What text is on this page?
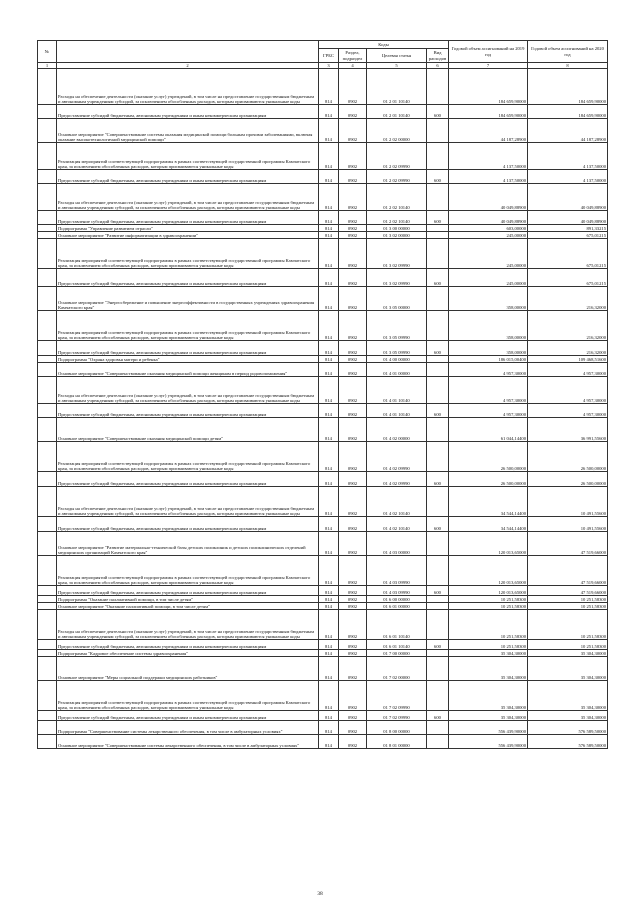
№		Коды				Годовой объем ассигнований на 2019 год	Годовой объем ассигнований на 2020 год
		ГРБС	Раздел, подраздел	Целевая статья	Вид расходов		
1	2	3	4	5	6	7	8
	Расходы на обеспечение деятельности (оказание услуг) учреждений, в том числе на предоставление государственным бюджетным и автономным учреждениям субсидий, за исключением обособленных расходов, которым присваиваются уникальные коды	814	0902	01 2 01 10140		184 659,90000	184 659,90000
	Предоставление субсидий бюджетным, автономным учреждениям и иным некоммерческим организациям	814	0902	01 2 01 10140	600	184 659,90000	184 659,90000
	Основное мероприятие "Совершенствование системы оказания медицинской помощи больным прочими заболеваниями, включая оказание высокотехнологичной медицинской помощи"	814	0902	01 2 02 00000		44 187,28900	44 187,28900
	Реализация мероприятий соответствующей подпрограммы в рамках соответствующей государственной программы Камчатского края, за исключением обособленных расходов, которым присваиваются уникальные коды	814	0902	01 2 02 09990		4 137,50000	4 137,50000
	Предоставление субсидий бюджетным, автономным учреждениям и иным некоммерческим организациям	814	0902	01 2 02 09990	600	4 137,50000	4 137,50000
	Расходы на обеспечение деятельности (оказание услуг) учреждений, в том числе на предоставление государственным бюджетным и автономным учреждениям субсидий, за исключением обособленных расходов, которым присваиваются уникальные коды	814	0902	01 2 02 10140		40 049,88900	40 049,88900
	Предоставление субсидий бюджетным, автономным учреждениям и иным некоммерческим организациям	814	0902	01 2 02 10140	600	40 049,88900	40 049,88900
	Подпрограмма "Управление развитием отрасли"	814	0902	01 3 00 00000		603,00000	891,33215
	Основное мероприятие "Развитие информатизации в здравоохранении"	814	0902	01 3 02 00000		245,00000	675,01215
	Реализация мероприятий соответствующей подпрограммы в рамках соответствующей государственной программы Камчатского края, за исключением обособленных расходов, которым присваиваются уникальные коды	814	0902	01 3 02 09990		245,00000	675,01215
	Предоставление субсидий бюджетным, автономным учреждениям и иным некоммерческим организациям	814	0902	01 3 02 09990	600	245,00000	675,01215
	Основное мероприятие "Энергосбережение и повышение энергоэффективности в государственных учреждениях здравоохранения Камчатского края"	814	0902	01 3 05 00000		358,00000	216,32000
	Реализация мероприятий соответствующей подпрограммы в рамках соответствующей государственной программы Камчатского края, за исключением обособленных расходов, которым присваиваются уникальные коды	814	0902	01 3 05 09990		358,00000	216,32000
	Предоставление субсидий бюджетным, автономным учреждениям и иным некоммерческим организациям	814	0902	01 3 05 09990	600	358,00000	216,32000
	Подпрограмма "Охрана здоровья матери и ребенка"	814	0902	01 4 00 00000		186 015,00400	109 468,51600
	Основное мероприятие "Совершенствование оказания медицинской помощи женщинам в период родовспоможения"	814	0902	01 4 01 00000		4 957,30000	4 957,30000
	Расходы на обеспечение деятельности (оказание услуг) учреждений, в том числе на предоставление государственным бюджетным и автономным учреждениям субсидий, за исключением обособленных расходов, которым присваиваются уникальные коды	814	0902	01 4 01 10140		4 957,30000	4 957,30000
	Предоставление субсидий бюджетным, автономным учреждениям и иным некоммерческим организациям	814	0902	01 4 01 10140	600	4 957,30000	4 957,30000
	Основное мероприятие "Совершенствование оказания медицинской помощи детям"	814	0902	01 4 02 00000		61 044,14400	36 991,55600
	Реализация мероприятий соответствующей подпрограммы в рамках соответствующей государственной программы Камчатского края, за исключением обособленных расходов, которым присваиваются уникальные коды	814	0902	01 4 02 09990		26 500,00000	26 500,00000
	Предоставление субсидий бюджетным, автономным учреждениям и иным некоммерческим организациям	814	0902	01 4 02 09990	600	26 500,00000	26 500,00000
	Расходы на обеспечение деятельности (оказание услуг) учреждений, в том числе на предоставление государственным бюджетным и автономным учреждениям субсидий, за исключением обособленных расходов, которым присваиваются уникальные коды	814	0902	01 4 02 10140		34 544,14400	10 491,55600
	Предоставление субсидий бюджетным, автономным учреждениям и иным некоммерческим организациям	814	0902	01 4 02 10140	600	34 544,14400	10 491,55600
	Основное мероприятие "Развитие материально-технической базы детских поликлиник и детских поликлинических отделений медицинских организаций Камчатского края"	814	0902	01 4 03 00000		120 013,65000	47 519,66000
	Реализация мероприятий соответствующей подпрограммы в рамках соответствующей государственной программы Камчатского края, за исключением обособленных расходов, которым присваиваются уникальные коды	814	0902	01 4 03 09990		120 013,65000	47 519,66000
	Предоставление субсидий бюджетным, автономным учреждениям и иным некоммерческим организациям	814	0902	01 4 03 09990	600	120 013,65000	47 519,66000
	Подпрограмма "Оказание паллиативной помощи, в том числе детям"	814	0902	01 6 00 00000		10 251,58300	10 251,58300
	Основное мероприятие "Оказание паллиативной помощи, в том числе детям"	814	0902	01 6 01 00000		10 251,58300	10 251,58300
	Расходы на обеспечение деятельности (оказание услуг) учреждений, в том числе на предоставление государственным бюджетным и автономным учреждениям субсидий, за исключением обособленных расходов, которым присваиваются уникальные коды	814	0902	01 6 01 10140		10 251,58300	10 251,58300
	Предоставление субсидий бюджетным, автономным учреждениям и иным некоммерческим организациям	814	0902	01 6 01 10140	600	10 251,58300	10 251,58300
	Подпрограмма "Кадровое обеспечение системы здравоохранения"	814	0902	01 7 00 00000		35 304,30000	35 304,30000
	Основное мероприятие "Меры социальной поддержки медицинских работников"	814	0902	01 7 02 00000		35 304,30000	35 304,30000
	Реализация мероприятий соответствующей подпрограммы в рамках соответствующей государственной программы Камчатского края, за исключением обособленных расходов, которым присваиваются уникальные коды	814	0902	01 7 02 09990		35 304,30000	35 304,30000
	Предоставление субсидий бюджетным, автономным учреждениям и иным некоммерческим организациям	814	0902	01 7 02 09990	600	35 304,30000	35 304,30000
	Подпрограмма "Совершенствование системы лекарственного обеспечения, в том числе в амбулаторных условиях"	814	0902	01 8 00 00000		556 439,90000	576 589,50000
	Основное мероприятие "Совершенствование системы лекарственного обеспечения, в том числе в амбулаторных условиях"	814	0902	01 8 01 00000		556 439,90000	576 589,50000
38
